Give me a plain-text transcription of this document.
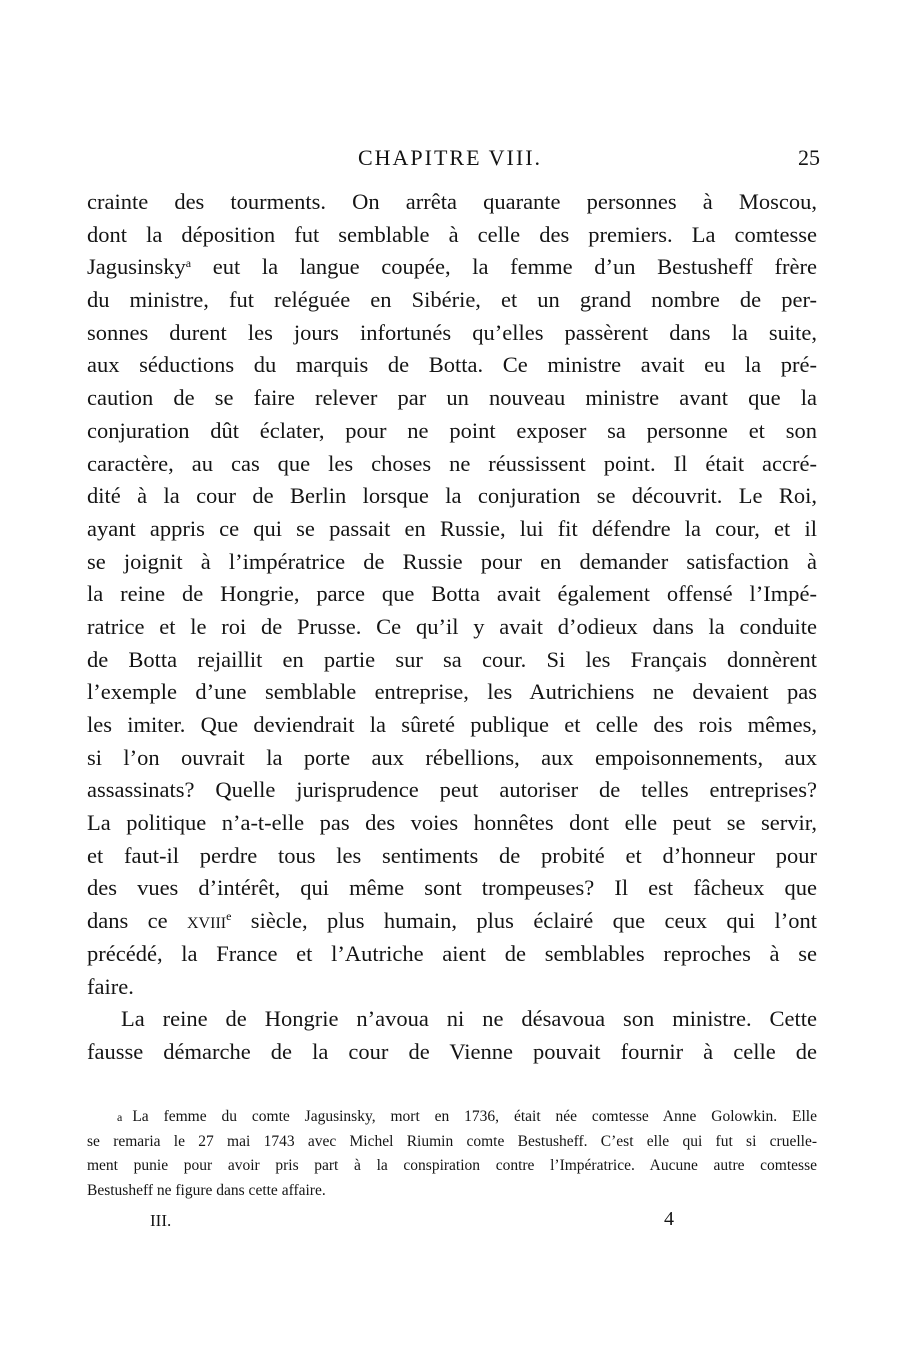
CHAPITRE VIII.	25
crainte des tourments. On arrêta quarante personnes à Moscou,
dont la déposition fut semblable à celle des premiers. La comtesse
Jagusinsky$^a$ eut la langue coupée, la femme d’un Bestusheff frère
du ministre, fut reléguée en Sibérie, et un grand nombre de per-
sonnes durent les jours infortunés qu’elles passèrent dans la suite,
aux séductions du marquis de Botta. Ce ministre avait eu la pré-
caution de se faire relever par un nouveau ministre avant que la
conjuration dût éclater, pour ne point exposer sa personne et son
caractère, au cas que les choses ne réussissent point. Il était accré-
dité à la cour de Berlin lorsque la conjuration se découvrit. Le Roi,
ayant appris ce qui se passait en Russie, lui fit défendre la cour, et il
se joignit à l’impératrice de Russie pour en demander satisfaction à
la reine de Hongrie, parce que Botta avait également offensé l’Impé-
ratrice et le roi de Prusse. Ce qu’il y avait d’odieux dans la conduite
de Botta rejaillit en partie sur sa cour. Si les Français donnèrent
l’exemple d’une semblable entreprise, les Autrichiens ne devaient pas
les imiter. Que deviendrait la sûreté publique et celle des rois mêmes,
si l’on ouvrait la porte aux rébellions, aux empoisonnements, aux
assassinats? Quelle jurisprudence peut autoriser de telles entreprises?
La politique n’a-t-elle pas des voies honnêtes dont elle peut se servir,
et faut-il perdre tous les sentiments de probité et d’honneur pour
des vues d’intérêt, qui même sont trompeuses? Il est fâcheux que
dans ce xviii$^e$ siècle, plus humain, plus éclairé que ceux qui l’ont
précédé, la France et l’Autriche aient de semblables reproches à se
faire.
La reine de Hongrie n’avoua ni ne désavoua son ministre. Cette
fausse démarche de la cour de Vienne pouvait fournir à celle de
a La femme du comte Jagusinsky, mort en 1736, était née comtesse Anne Golowkin. Elle
se remaria le 27 mai 1743 avec Michel Riumin comte Bestusheff. C’est elle qui fut si cruelle-
ment punie pour avoir pris part à la conspiration contre l’Impératrice. Aucune autre comtesse
Bestusheff ne figure dans cette affaire.
III.	4
